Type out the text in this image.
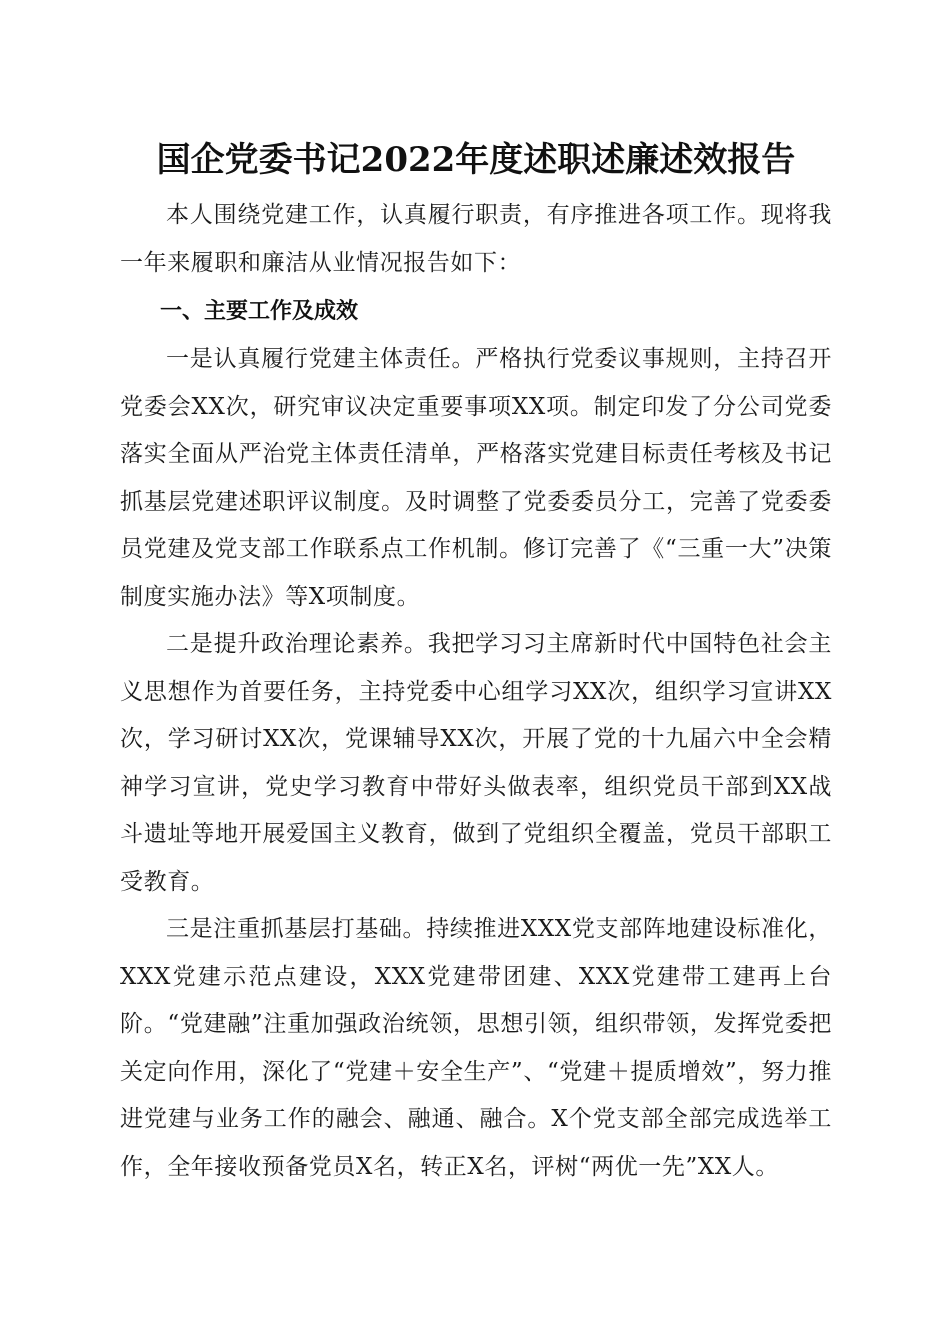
国企党委书记2022年度述职述廉述效报告

本人围绕党建工作，认真履行职责，有序推进各项工作。现将我一年来履职和廉洁从业情况报告如下：

一、主要工作及成效

一是认真履行党建主体责任。严格执行党委议事规则，主持召开党委会XX次，研究审议决定重要事项XX项。制定印发了分公司党委落实全面从严治党主体责任清单，严格落实党建目标责任考核及书记抓基层党建述职评议制度。及时调整了党委委员分工，完善了党委委员党建及党支部工作联系点工作机制。修订完善了《“三重一大”决策制度实施办法》等X项制度。

二是提升政治理论素养。我把学习习主席新时代中国特色社会主义思想作为首要任务，主持党委中心组学习XX次，组织学习宣讲XX次，学习研讨XX次，党课辅导XX次，开展了党的十九届六中全会精神学习宣讲，党史学习教育中带好头做表率，组织党员干部到XX战斗遗址等地开展爱国主义教育，做到了党组织全覆盖，党员干部职工受教育。

三是注重抓基层打基础。持续推进XXX党支部阵地建设标准化，XXX党建示范点建设，XXX党建带团建、XXX党建带工建再上台阶。“党建融”注重加强政治统领，思想引领，组织带领，发挥党委把关定向作用，深化了“党建＋安全生产”、“党建＋提质增效”，努力推进党建与业务工作的融会、融通、融合。X个党支部全部完成选举工作，全年接收预备党员X名，转正X名，评树“两优一先”XX人。
